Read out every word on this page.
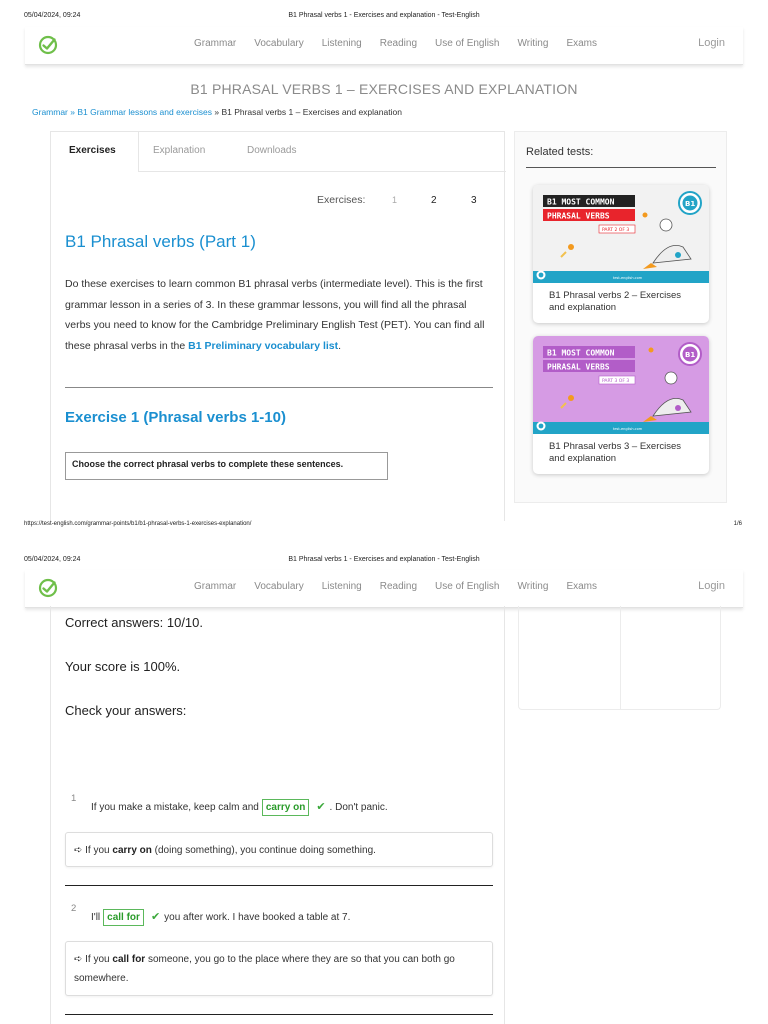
05/04/2024, 09:24	B1 Phrasal verbs 1 - Exercises and explanation - Test-English
Grammar Vocabulary Listening Reading Use of English Writing Exams	Login
B1 PHRASAL VERBS 1 – EXERCISES AND EXPLANATION
Grammar » B1 Grammar lessons and exercises » B1 Phrasal verbs 1 – Exercises and explanation
Exercises	Explanation	Downloads
Exercises:	1	2	3
B1 Phrasal verbs (Part 1)

Do these exercises to learn common B1 phrasal verbs (intermediate level). This is the first grammar lesson in a series of 3. In these grammar lessons, you will find all the phrasal verbs you need to know for the Cambridge Preliminary English Test (PET). You can find all these phrasal verbs in the B1 Preliminary vocabulary list.

Exercise 1 (Phrasal verbs 1-10)
Choose the correct phrasal verbs to complete these sentences.
Related tests:
B1 MOST COMMON
PHRASAL VERBS
PART 2 OF 3
B1
test-english.com
B1 Phrasal verbs 2 – Exercises and explanation
B1 MOST COMMON
PHRASAL VERBS
PART 3 OF 3
B1
test-english.com
B1 Phrasal verbs 3 – Exercises and explanation
https://test-english.com/grammar-points/b1/b1-phrasal-verbs-1-exercises-explanation/	1/6
05/04/2024, 09:24	B1 Phrasal verbs 1 - Exercises and explanation - Test-English
Grammar Vocabulary Listening Reading Use of English Writing Exams	Login
Correct answers: 10/10.
Your score is 100%.
Check your answers:
1
If you make a mistake, keep calm and carry on ✔ . Don't panic.
➪ If you carry on (doing something), you continue doing something.
2
I'll call for ✔ you after work. I have booked a table at 7.
➪ If you call for someone, you go to the place where they are so that you can both go somewhere.
